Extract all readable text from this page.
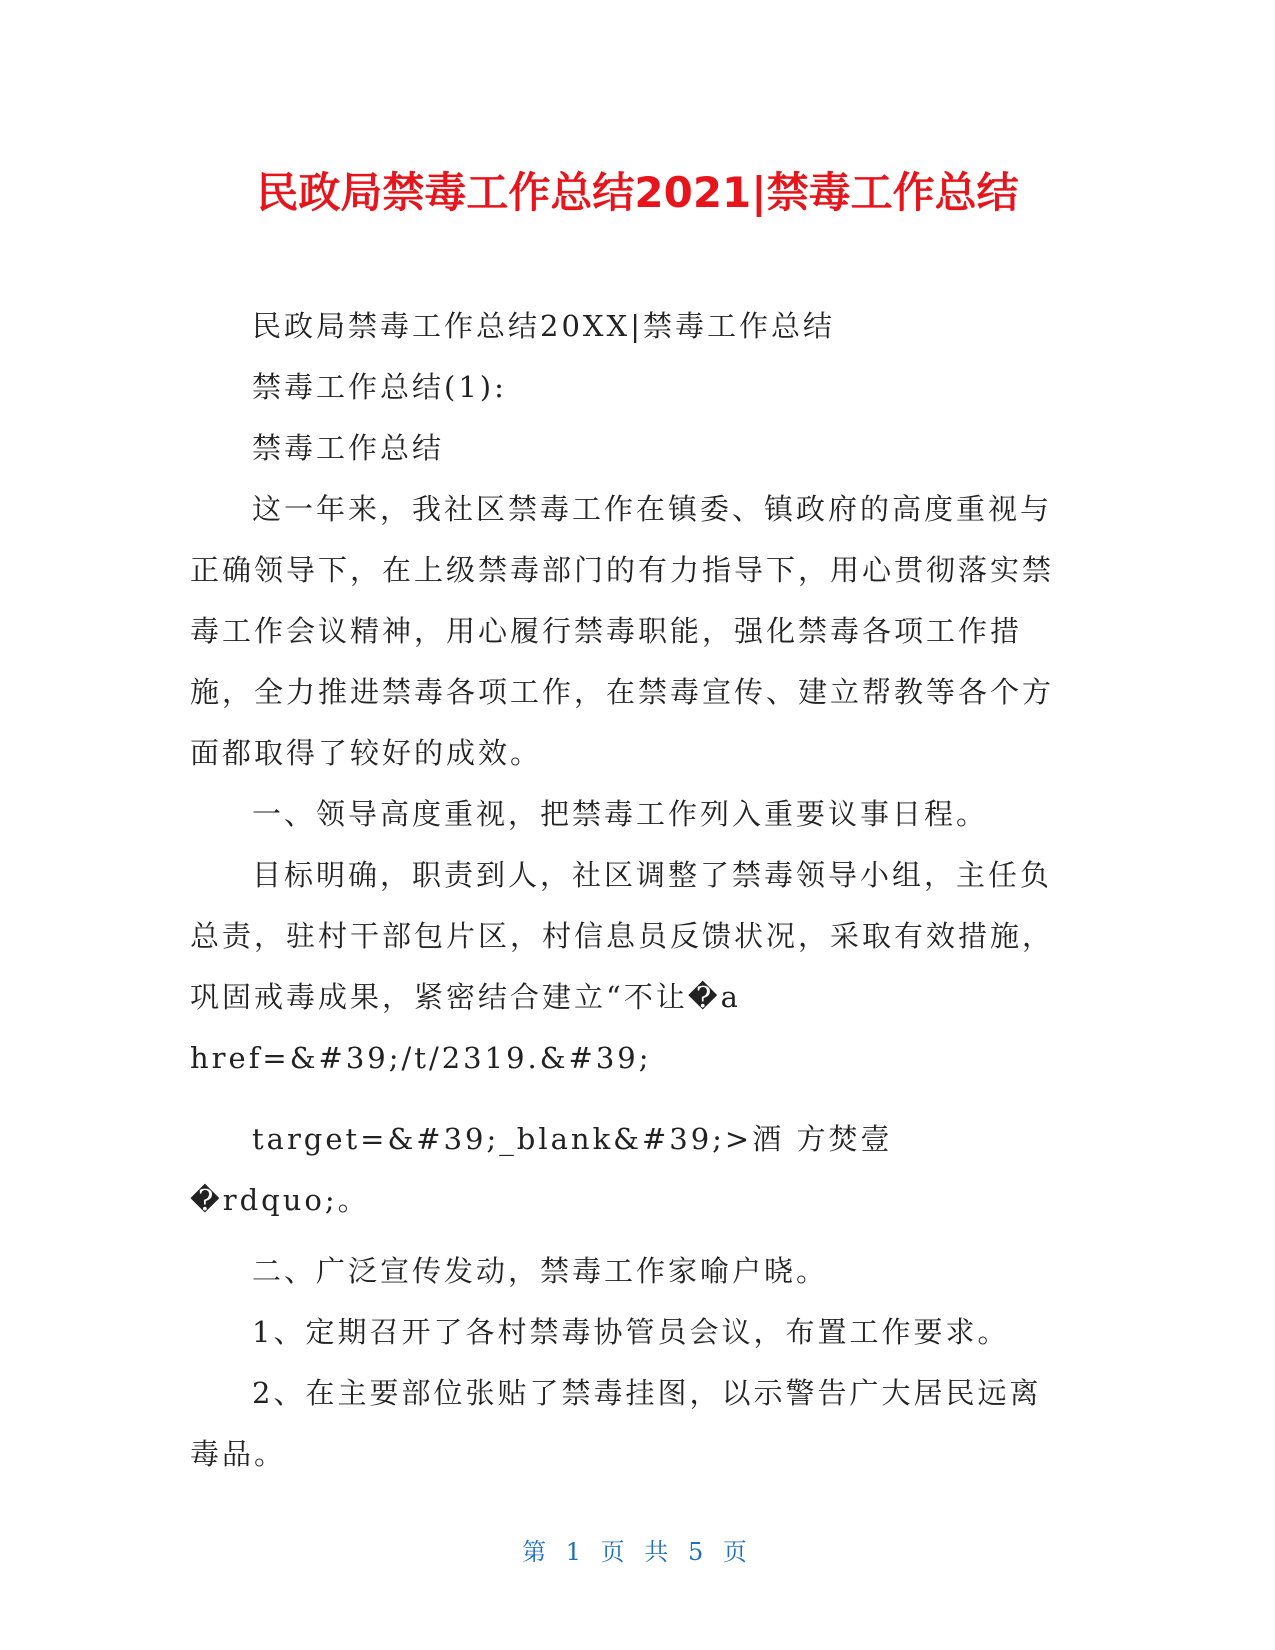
民政局禁毒工作总结2021|禁毒工作总结

民政局禁毒工作总结20XX|禁毒工作总结

禁毒工作总结(1):

禁毒工作总结

这一年来，我社区禁毒工作在镇委、镇政府的高度重视与正确领导下，在上级禁毒部门的有力指导下，用心贯彻落实禁毒工作会议精神，用心履行禁毒职能，强化禁毒各项工作措施，全力推进禁毒各项工作，在禁毒宣传、建立帮教等各个方面都取得了较好的成效。

一、领导高度重视，把禁毒工作列入重要议事日程。

目标明确，职责到人，社区调整了禁毒领导小组，主任负总责，驻村干部包片区，村信息员反馈状况，采取有效措施，巩固戒毒成果，紧密结合建立“不让�a href=&#39;/t/2319.&#39;

target=&#39;_blank&#39;>酒 方焚壹�rdquo;。

二、广泛宣传发动，禁毒工作家喻户晓。

1、定期召开了各村禁毒协管员会议，布置工作要求。

2、在主要部位张贴了禁毒挂图，以示警告广大居民远离毒品。

第 1 页 共 5 页
